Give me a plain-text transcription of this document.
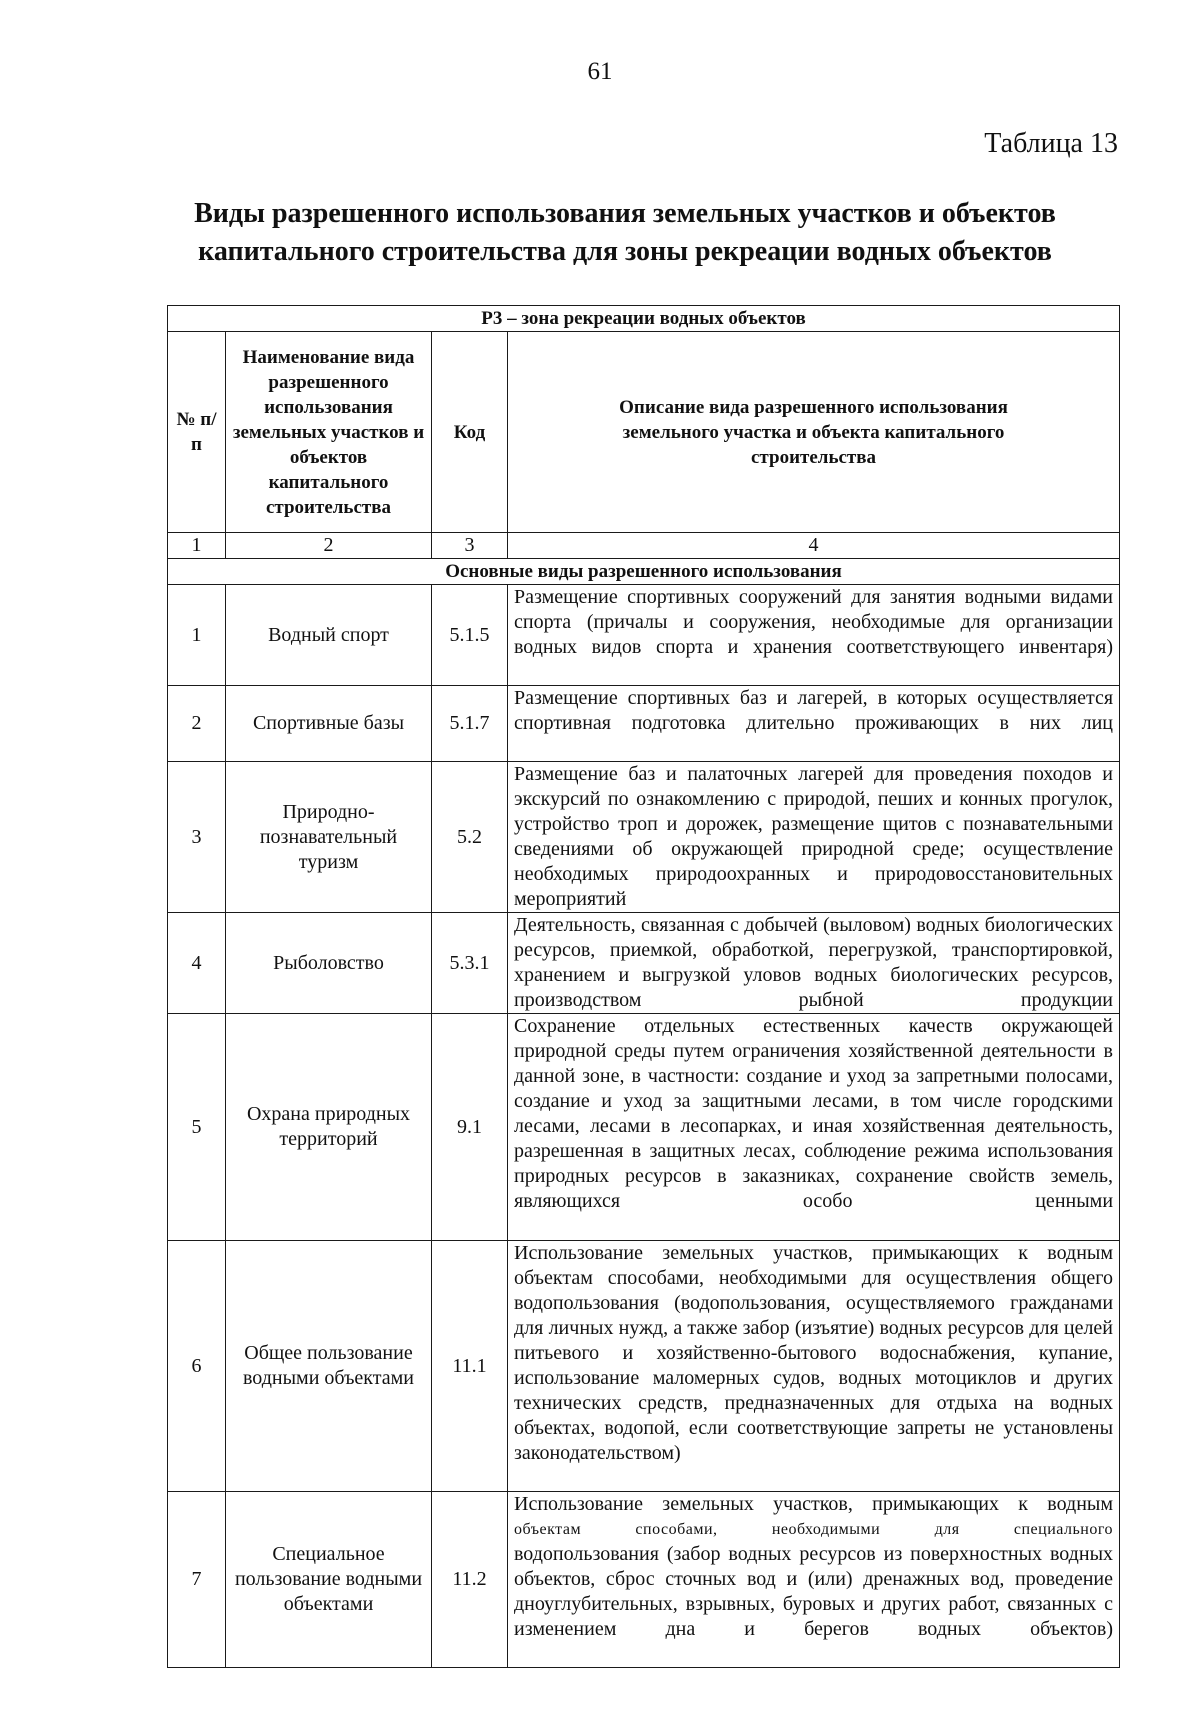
61
Таблица 13
Виды разрешенного использования земельных участков и объектов
капитального строительства для зоны рекреации водных объектов
Р3 – зона рекреации водных объектов			
№ п/п	Наименование вида разрешенного использования земельных участков и объектов капитального строительства	Код	Описание вида разрешенного использования земельного участка и объекта капитального строительства
1	2	3	4
Основные виды разрешенного использования			
1	Водный спорт	5.1.5	Размещение спортивных сооружений для занятия водными видами спорта (причалы и сооружения, необходимые для организации водных видов спорта и хранения соответствующего инвентаря)
2	Спортивные базы	5.1.7	Размещение спортивных баз и лагерей, в которых осуществляется спортивная подготовка длительно проживающих в них лиц
3	Природно-познавательный туризм	5.2	Размещение баз и палаточных лагерей для проведения походов и экскурсий по ознакомлению с природой, пеших и конных прогулок, устройство троп и дорожек, размещение щитов с познавательными сведениями об окружающей природной среде; осуществление необходимых природоохранных и природовосстановительных мероприятий
4	Рыболовство	5.3.1	Деятельность, связанная с добычей (выловом) водных биологических ресурсов, приемкой, обработкой, перегрузкой, транспортировкой, хранением и выгрузкой уловов водных биологических ресурсов, производством рыбной продукции
5	Охрана природных территорий	9.1	Сохранение отдельных естественных качеств окружающей природной среды путем ограничения хозяйственной деятельности в данной зоне, в частности: создание и уход за запретными полосами, создание и уход за защитными лесами, в том числе городскими лесами, лесами в лесопарках, и иная хозяйственная деятельность, разрешенная в защитных лесах, соблюдение режима использования природных ресурсов в заказниках, сохранение свойств земель, являющихся особо ценными
6	Общее пользование водными объектами	11.1	Использование земельных участков, примыкающих к водным объектам способами, необходимыми для осуществления общего водопользования (водопользования, осуществляемого гражданами для личных нужд, а также забор (изъятие) водных ресурсов для целей питьевого и хозяйственно-бытового водоснабжения, купание, использование маломерных судов, водных мотоциклов и других технических средств, предназначенных для отдыха на водных объектах, водопой, если соответствующие запреты не установлены законодательством)
7	Специальное пользование водными объектами	11.2	Использование земельных участков, примыкающих к водным
объектам способами, необходимыми для специального
водопользования (забор водных ресурсов из поверхностных водных объектов, сброс сточных вод и (или) дренажных вод, проведение дноуглубительных, взрывных, буровых и других работ, связанных с изменением дна и берегов водных объектов)
